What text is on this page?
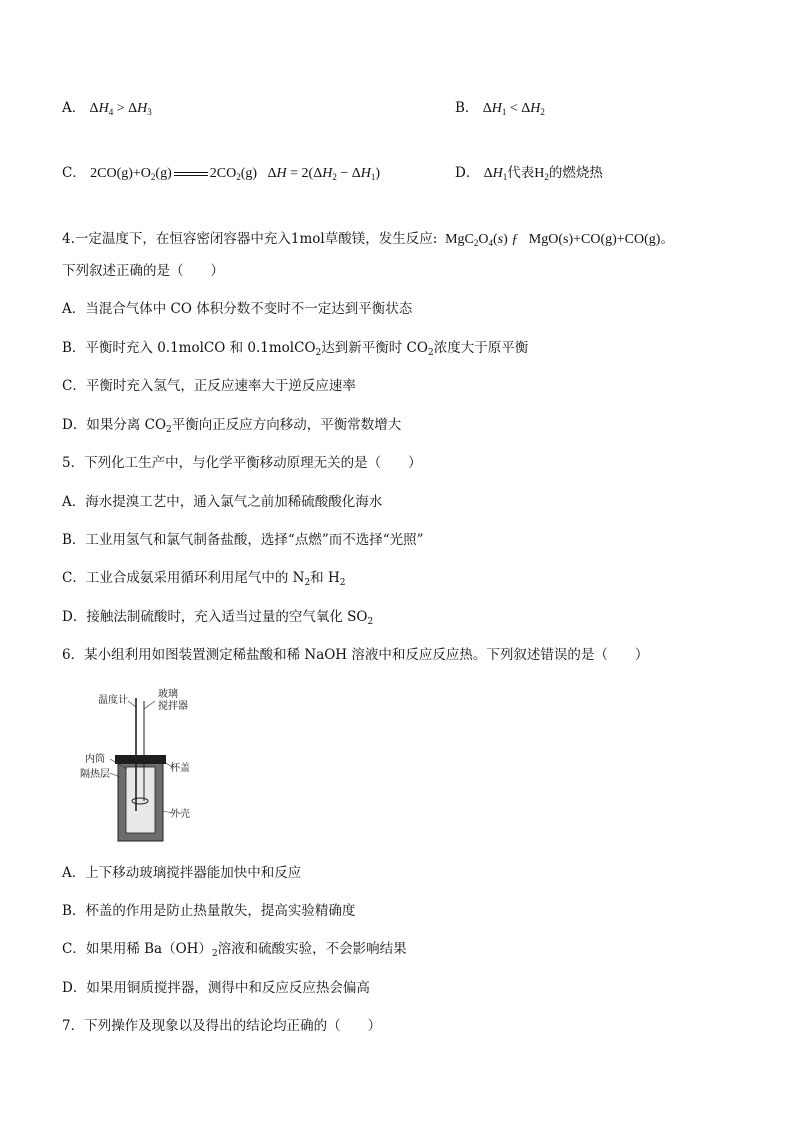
A． $\Delta H_4 > \Delta H_3$	B． $\Delta H_1 < \Delta H_2$
C． $2CO(g)+O_2(g)$	$2CO_2(g) \Delta H = 2(\Delta H_2 - \Delta H_1)$	D． $\Delta H_1$代表$H_2$的燃烧热
4.一定温度下，在恒容密闭容器中充入1mol草酸镁，发生反应:  $MgC_2O_4(s)$ ƒ   MgO(s)+CO(g)+CO(g)。
下列叙述正确的是（　　）
A．当混合气体中 CO 体积分数不变时不一定达到平衡状态
B．平衡时充入 0.1molCO 和 0.1molCO$_2$达到新平衡时 $CO_2$浓度大于原平衡
C．平衡时充入氢气，正反应速率大于逆反应速率
D．如果分离 $CO_2$平衡向正反应方向移动，平衡常数增大
5．下列化工生产中，与化学平衡移动原理无关的是（　　）
A．海水提溴工艺中，通入氯气之前加稀硫酸酸化海水
B．工业用氢气和氯气制备盐酸，选择“点燃”而不选择“光照”
C．工业合成氨采用循环利用尾气中的 $N_2$和 $H_2$
D．接触法制硫酸时，充入适当过量的空气氧化 $SO_2$
6．某小组利用如图装置测定稀盐酸和稀 NaOH 溶液中和反应反应热。下列叙述错误的是（　　）
温度计
玻璃
搅拌器
内筒
隔热层
杯盖
外壳
A．上下移动玻璃搅拌器能加快中和反应
B．杯盖的作用是防止热量散失，提高实验精确度
C．如果用稀 $Ba(OH)_2$溶液和硫酸实验，不会影响结果
D．如果用铜质搅拌器，测得中和反应反应热会偏高
7．下列操作及现象以及得出的结论均正确的（　　）
